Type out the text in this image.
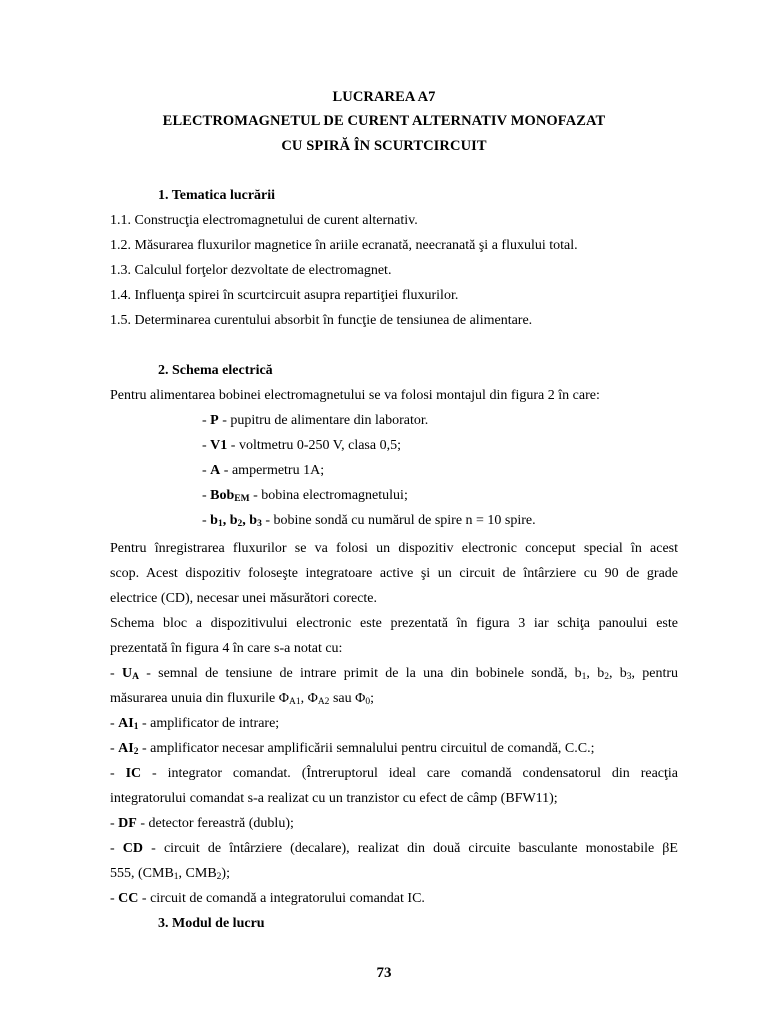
LUCRAREA A7
ELECTROMAGNETUL DE CURENT ALTERNATIV MONOFAZAT
CU SPIRĂ ÎN SCURTCIRCUIT
1. Tematica lucrării
1.1. Construcţia electromagnetului de curent alternativ.
1.2. Măsurarea fluxurilor magnetice în ariile ecranată, neecranată şi a fluxului total.
1.3. Calculul forţelor dezvoltate de electromagnet.
1.4. Influenţa spirei în scurtcircuit asupra repartiţiei fluxurilor.
1.5. Determinarea curentului absorbit în funcţie de tensiunea de alimentare.
2. Schema electrică
Pentru alimentarea bobinei electromagnetului se va folosi montajul din figura 2 în care:
- P - pupitru de alimentare din laborator.
- V1 - voltmetru 0-250 V, clasa 0,5;
- A - ampermetru 1A;
- Bob$_{EM}$ - bobina electromagnetului;
- $b_1$, $b_2$, $b_3$ - bobine sondă cu numărul de spire n = 10 spire.
Pentru înregistrarea fluxurilor se va folosi un dispozitiv electronic conceput special în acest
scop. Acest dispozitiv foloseşte integratoare active şi un circuit de întârziere cu 90 de grade
electrice (CD), necesar unei măsurători corecte.
Schema bloc a dispozitivului electronic este prezentată în figura 3 iar schiţa panoului este
prezentată în figura 4 în care s-a notat cu:
- $U_A$ - semnal de tensiune de intrare primit de la una din bobinele sondă, $b_1$, $b_2$, $b_3$, pentru
măsurarea unuia din fluxurile $\Phi_{A1}$, $\Phi_{A2}$ sau $\Phi_0$;
- $AI_1$ - amplificator de intrare;
- $AI_2$ - amplificator necesar amplificării semnalului pentru circuitul de comandă, C.C.;
- IC - integrator comandat. (Întreruptorul ideal care comandă condensatorul din reacţia
integratorului comandat s-a realizat cu un tranzistor cu efect de câmp (BFW11);
- DF - detector fereastră (dublu);
- CD - circuit de întârziere (decalare), realizat din două circuite basculante monostabile βE
555, ($CMB_1$, $CMB_2$);
- CC - circuit de comandă a integratorului comandat IC.
3. Modul de lucru
73
